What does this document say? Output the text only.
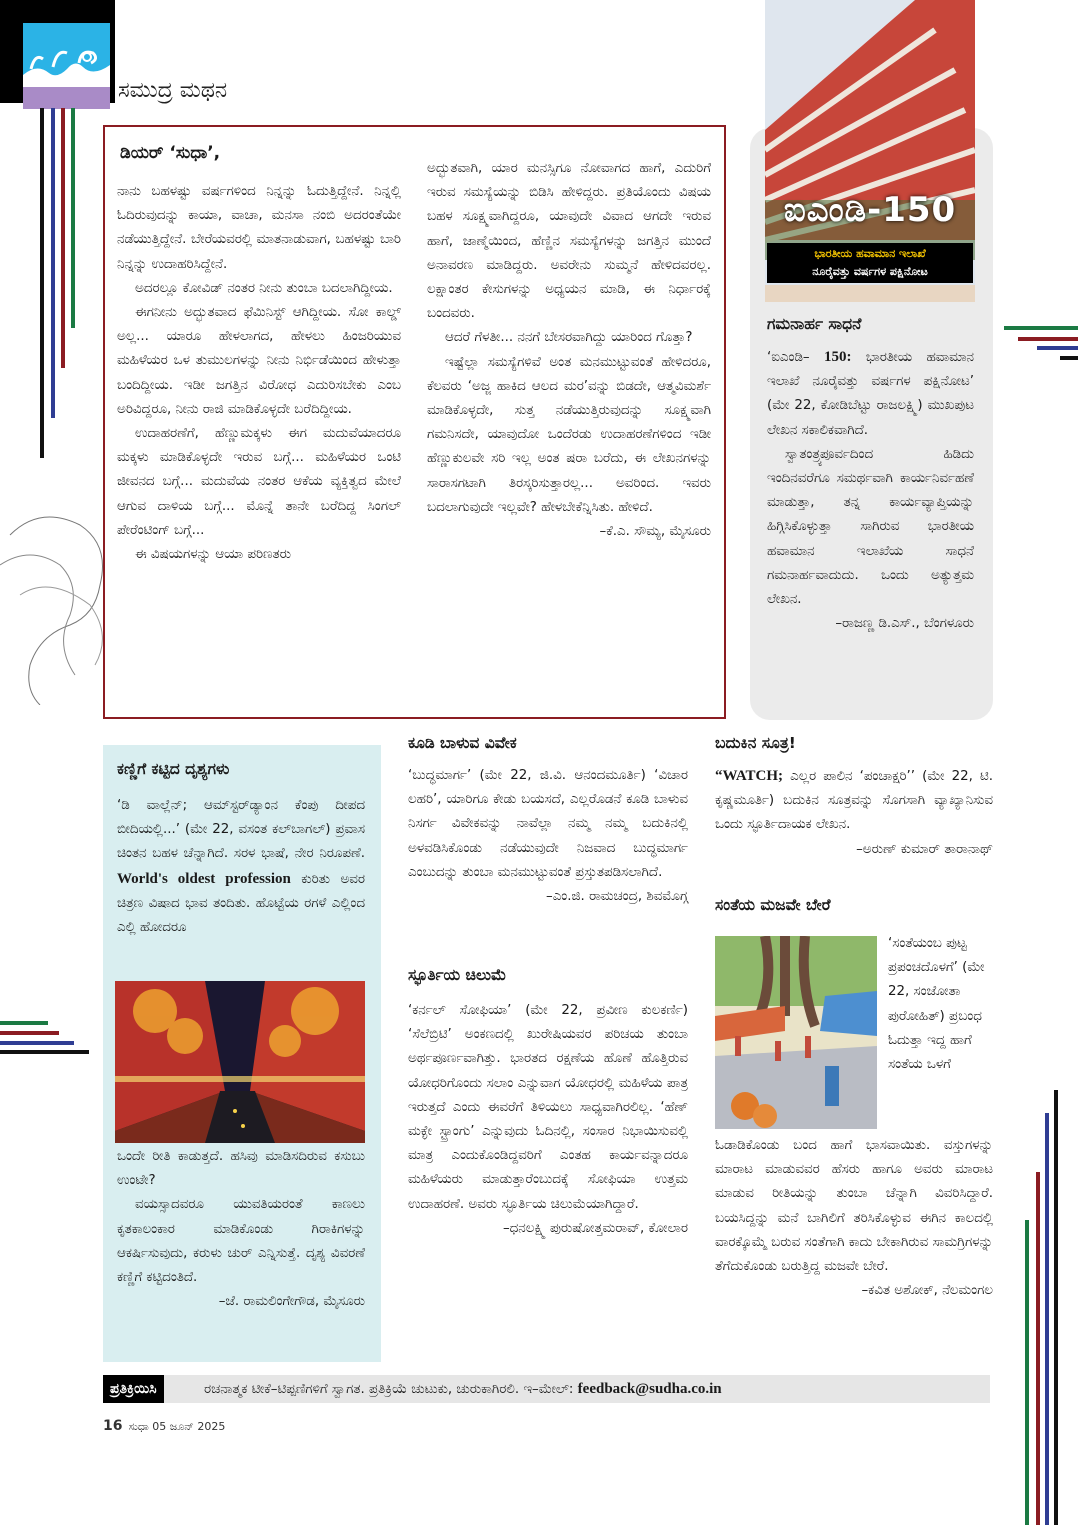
ಸಮುದ್ರ ಮಥನ
ಡಿಯರ್ ‘ಸುಧಾ’,

ನಾನು ಬಹಳಷ್ಟು ವರ್ಷಗಳಿಂದ ನಿನ್ನನ್ನು ಓದುತ್ತಿದ್ದೇನೆ. ನಿನ್ನಲ್ಲಿ ಓದಿರುವುದನ್ನು ಕಾಯಾ, ವಾಚಾ, ಮನಸಾ ನಂಬಿ ಅದರಂತೆಯೇ ನಡೆಯುತ್ತಿದ್ದೇನೆ. ಬೇರೆಯವರಲ್ಲಿ ಮಾತನಾಡುವಾಗ, ಬಹಳಷ್ಟು ಬಾರಿ ನಿನ್ನನ್ನು ಉದಾಹರಿಸಿದ್ದೇನೆ.

ಅದರಲ್ಲೂ ಕೋವಿಡ್ ನಂತರ ನೀನು ತುಂಬಾ ಬದಲಾಗಿದ್ದೀಯ.

ಈಗನೀನು ಅದ್ಭುತವಾದ ಫೆಮಿನಿಸ್ಟ್ ಆಗಿದ್ದೀಯ. ಸೋ ಕಾಲ್ಡ್ ಅಲ್ಲ... ಯಾರೂ ಹೇಳಲಾಗದ, ಹೇಳಲು ಹಿಂಜರಿಯುವ ಮಹಿಳೆಯರ ಒಳ ತುಮುಲಗಳನ್ನು ನೀನು ನಿರ್ಭಿಡೆಯಿಂದ ಹೇಳುತ್ತಾ ಬಂದಿದ್ದೀಯ. ಇಡೀ ಜಗತ್ತಿನ ವಿರೋಧ ಎದುರಿಸಬೇಕು ಎಂಬ ಅರಿವಿದ್ದರೂ, ನೀನು ರಾಜಿ ಮಾಡಿಕೊಳ್ಳದೇ ಬರೆದಿದ್ದೀಯ.

ಉದಾಹರಣೆಗೆ, ಹೆಣ್ಣುಮಕ್ಕಳು ಈಗ ಮದುವೆಯಾದರೂ ಮಕ್ಕಳು ಮಾಡಿಕೊಳ್ಳದೇ ಇರುವ ಬಗ್ಗೆ... ಮಹಿಳೆಯರ ಒಂಟಿ ಜೀವನದ ಬಗ್ಗೆ... ಮದುವೆಯ ನಂತರ ಆಕೆಯ ವ್ಯಕ್ತಿತ್ವದ ಮೇಲೆ ಆಗುವ ದಾಳಿಯ ಬಗ್ಗೆ... ಮೊನ್ನೆ ತಾನೇ ಬರೆದಿದ್ದ ಸಿಂಗಲ್ ಪೇರೆಂಟಿಂಗ್ ಬಗ್ಗೆ...

ಈ ವಿಷಯಗಳನ್ನು ಆಯಾ ಪರಿಣತರು

ಅದ್ಭುತವಾಗಿ, ಯಾರ ಮನಸ್ಸಿಗೂ ನೋವಾಗದ ಹಾಗೆ, ಎದುರಿಗೆ ಇರುವ ಸಮಸ್ಯೆಯನ್ನು ಬಿಡಿಸಿ ಹೇಳಿದ್ದರು. ಪ್ರತಿಯೊಂದು ವಿಷಯ ಬಹಳ ಸೂಕ್ಷ್ಮವಾಗಿದ್ದರೂ, ಯಾವುದೇ ವಿವಾದ ಆಗದೇ ಇರುವ ಹಾಗೆ, ಜಾಣ್ಮೆಯಿಂದ, ಹೆಣ್ಣಿನ ಸಮಸ್ಯೆಗಳನ್ನು ಜಗತ್ತಿನ ಮುಂದೆ ಅನಾವರಣ ಮಾಡಿದ್ದರು. ಅವರೇನು ಸುಮ್ಮನೆ ಹೇಳಿದವರಲ್ಲ. ಲಕ್ಷಾಂತರ ಕೇಸುಗಳನ್ನು ಅಧ್ಯಯನ ಮಾಡಿ, ಈ ನಿರ್ಧಾರಕ್ಕೆ ಬಂದವರು.

ಆದರೆ ಗೆಳತೀ... ನನಗೆ ಬೇಸರವಾಗಿದ್ದು ಯಾರಿಂದ ಗೊತ್ತಾ?

ಇಷ್ಟೆಲ್ಲಾ ಸಮಸ್ಯೆಗಳಿವೆ ಅಂತ ಮನಮುಟ್ಟುವಂತೆ ಹೇಳಿದರೂ, ಕೆಲವರು ‘ಅಜ್ಜ ಹಾಕಿದ ಆಲದ ಮರ’ವನ್ನು ಬಿಡದೇ, ಆತ್ಮವಿಮರ್ಶೆ ಮಾಡಿಕೊಳ್ಳದೇ, ಸುತ್ತ ನಡೆಯುತ್ತಿರುವುದನ್ನು ಸೂಕ್ಷ್ಮವಾಗಿ ಗಮನಿಸದೇ, ಯಾವುದೋ ಒಂದೆರಡು ಉದಾಹರಣೆಗಳಿಂದ ಇಡೀ ಹೆಣ್ಣುಕುಲವೇ ಸರಿ ಇಲ್ಲ ಅಂತ ಷರಾ ಬರೆದು, ಈ ಲೇಖನಗಳನ್ನು ಸಾರಾಸಗಟಾಗಿ ತಿರಸ್ಕರಿಸುತ್ತಾರಲ್ಲ... ಅವರಿಂದ. ಇವರು ಬದಲಾಗುವುದೇ ಇಲ್ಲವೇ? ಹೇಳಬೇಕೆನ್ನಿಸಿತು. ಹೇಳಿದೆ.

–ಕೆ.ಎ. ಸೌಮ್ಯ, ಮೈಸೂರು

ಐಎಂಡಿ-150
ಭಾರತೀಯ ಹವಾಮಾನ ಇಲಾಖೆ
ನೂರೈವತ್ತು ವರ್ಷಗಳ ಪಕ್ಷಿನೋಟ
ಗಮನಾರ್ಹ ಸಾಧನೆ

‘ಐಎಂಡಿ– 150: ಭಾರತೀಯ ಹವಾಮಾನ ಇಲಾಖೆ ನೂರೈವತ್ತು ವರ್ಷಗಳ ಪಕ್ಷಿನೋಟ’ (ಮೇ 22, ಕೋಡಿಬೆಟ್ಟು ರಾಜಲಕ್ಷ್ಮಿ) ಮುಖಪುಟ ಲೇಖನ ಸಕಾಲಿಕವಾಗಿದೆ.

ಸ್ವಾತಂತ್ರ್ಯಪೂರ್ವದಿಂದ ಹಿಡಿದು ಇಂದಿನವರೆಗೂ ಸಮರ್ಥವಾಗಿ ಕಾರ್ಯನಿರ್ವಹಣೆ ಮಾಡುತ್ತಾ, ತನ್ನ ಕಾರ್ಯವ್ಯಾಪ್ತಿಯನ್ನು ಹಿಗ್ಗಿಸಿಕೊಳ್ಳುತ್ತಾ ಸಾಗಿರುವ ಭಾರತೀಯ ಹವಾಮಾನ ಇಲಾಖೆಯ ಸಾಧನೆ ಗಮನಾರ್ಹವಾದುದು. ಒಂದು ಅತ್ಯುತ್ತಮ ಲೇಖನ.

–ರಾಜಣ್ಣ ಡಿ.ಎಸ್., ಬೆಂಗಳೂರು

ಕಣ್ಣಿಗೆ ಕಟ್ಟಿದ ದೃಶ್ಯಗಳು

‘ಡಿ ವಾಲ್ಲೆನ್; ಆಮ್‌ಸ್ಟರ್‌ಡ್ಯಾಂನ ಕೆಂಪು ದೀಪದ ಬೀದಿಯಲ್ಲಿ...’ (ಮೇ 22, ವಸಂತ ಕಲ್‌ಬಾಗಲ್) ಪ್ರವಾಸ ಚಿಂತನ ಬಹಳ ಚೆನ್ನಾಗಿದೆ. ಸರಳ ಭಾಷೆ, ನೇರ ನಿರೂಪಣೆ. World's oldest profession ಕುರಿತು ಅವರ ಚಿತ್ರಣ ವಿಷಾದ ಭಾವ ತಂದಿತು. ಹೊಟ್ಟೆಯ ರಗಳೆ ಎಲ್ಲಿಂದ ಎಲ್ಲಿ ಹೋದರೂ

ಒಂದೇ ರೀತಿ ಕಾಡುತ್ತದೆ. ಹಸಿವು ಮಾಡಿಸದಿರುವ ಕಸುಬು ಉಂಟೇ?

ವಯಸ್ಸಾದವರೂ ಯುವತಿಯರಂತೆ ಕಾಣಲು ಕೃತಕಾಲಂಕಾರ ಮಾಡಿಕೊಂಡು ಗಿರಾಕಿಗಳನ್ನು ಆಕರ್ಷಿಸುವುದು, ಕರುಳು ಚುರ್ ಎನ್ನಿಸುತ್ತೆ. ದೃಶ್ಯ ವಿವರಣೆ ಕಣ್ಣಿಗೆ ಕಟ್ಟಿದಂತಿದೆ.

–ಜೆ. ರಾಮಲಿಂಗೇಗೌಡ, ಮೈಸೂರು

ಕೂಡಿ ಬಾಳುವ ವಿವೇಕ

‘ಬುದ್ಧಮಾರ್ಗ’ (ಮೇ 22, ಜಿ.ವಿ. ಆನಂದಮೂರ್ತಿ) ‘ವಿಚಾರ ಲಹರಿ’, ಯಾರಿಗೂ ಕೇಡು ಬಯಸದೆ, ಎಲ್ಲರೊಡನೆ ಕೂಡಿ ಬಾಳುವ ನಿಸರ್ಗ ವಿವೇಕವನ್ನು ನಾವೆಲ್ಲಾ ನಮ್ಮ ನಮ್ಮ ಬದುಕಿನಲ್ಲಿ ಅಳವಡಿಸಿಕೊಂಡು ನಡೆಯುವುದೇ ನಿಜವಾದ ಬುದ್ಧಮಾರ್ಗ ಎಂಬುದನ್ನು ತುಂಬಾ ಮನಮುಟ್ಟುವಂತೆ ಪ್ರಸ್ತುತಪಡಿಸಲಾಗಿದೆ.

–ಎಂ.ಜಿ. ರಾಮಚಂದ್ರ, ಶಿವಮೊಗ್ಗ

ಸ್ಫೂರ್ತಿಯ ಚಿಲುಮೆ

‘ಕರ್ನಲ್ ಸೋಫಿಯಾ’ (ಮೇ 22, ಪ್ರವೀಣ ಕುಲಕರ್ಣಿ) ‘ಸೆಲೆಬ್ರಿಟಿ’ ಅಂಕಣದಲ್ಲಿ ಖುರೇಷಿಯವರ ಪರಿಚಯ ತುಂಬಾ ಅರ್ಥಪೂರ್ಣವಾಗಿತ್ತು. ಭಾರತದ ರಕ್ಷಣೆಯ ಹೊಣೆ ಹೊತ್ತಿರುವ ಯೋಧರಿಗೊಂದು ಸಲಾಂ ಎನ್ನುವಾಗ ಯೋಧರಲ್ಲಿ ಮಹಿಳೆಯ ಪಾತ್ರ ಇರುತ್ತದೆ ಎಂದು ಈವರೆಗೆ ತಿಳಿಯಲು ಸಾಧ್ಯವಾಗಿರಲಿಲ್ಲ. ‘ಹೆಣ್ ಮಕ್ಳೇ ಸ್ಟ್ರಾಂಗು’ ಎನ್ನುವುದು ಓದಿನಲ್ಲಿ, ಸಂಸಾರ ನಿಭಾಯಿಸುವಲ್ಲಿ ಮಾತ್ರ ಎಂದುಕೊಂಡಿದ್ದವರಿಗೆ ಎಂತಹ ಕಾರ್ಯವನ್ನಾದರೂ ಮಹಿಳೆಯರು ಮಾಡುತ್ತಾರೆಂಬುದಕ್ಕೆ ಸೋಫಿಯಾ ಉತ್ತಮ ಉದಾಹರಣೆ. ಅವರು ಸ್ಫೂರ್ತಿಯ ಚಿಲುಮೆಯಾಗಿದ್ದಾರೆ.

–ಧನಲಕ್ಷ್ಮಿ ಪುರುಷೋತ್ತಮರಾವ್, ಕೋಲಾರ

ಬದುಕಿನ ಸೂತ್ರ!

“WATCH; ಎಲ್ಲರ ಪಾಲಿನ ‘ಪಂಚಾಕ್ಷರಿ’’ (ಮೇ 22, ಟಿ. ಕೃಷ್ಣಮೂರ್ತಿ) ಬದುಕಿನ ಸೂತ್ರವನ್ನು ಸೊಗಸಾಗಿ ವ್ಯಾಖ್ಯಾನಿಸುವ ಒಂದು ಸ್ಫೂರ್ತಿದಾಯಕ ಲೇಖನ.

–ಅರುಣ್ ಕುಮಾರ್ ತಾರಾನಾಥ್

ಸಂತೆಯ ಮಜವೇ ಬೇರೆ

‘ಸಂತೆಯಂಬ ಪುಟ್ಟ ಪ್ರಪಂಚದೊಳಗೆ’ (ಮೇ 22, ಸಂಜೋತಾ ಪುರೋಹಿತ್) ಪ್ರಬಂಧ ಓದುತ್ತಾ ಇದ್ದ ಹಾಗೆ ಸಂತೆಯ ಒಳಗೆ

ಓಡಾಡಿಕೊಂಡು ಬಂದ ಹಾಗೆ ಭಾಸವಾಯಿತು. ವಸ್ತುಗಳನ್ನು ಮಾರಾಟ ಮಾಡುವವರ ಹೆಸರು ಹಾಗೂ ಅವರು ಮಾರಾಟ ಮಾಡುವ ರೀತಿಯನ್ನು ತುಂಬಾ ಚೆನ್ನಾಗಿ ವಿವರಿಸಿದ್ದಾರೆ. ಬಯಸಿದ್ದನ್ನು ಮನೆ ಬಾಗಿಲಿಗೆ ತರಿಸಿಕೊಳ್ಳುವ ಈಗಿನ ಕಾಲದಲ್ಲಿ ವಾರಕ್ಕೊಮ್ಮೆ ಬರುವ ಸಂತೆಗಾಗಿ ಕಾದು ಬೇಕಾಗಿರುವ ಸಾಮಗ್ರಿಗಳನ್ನು ತೆಗೆದುಕೊಂಡು ಬರುತ್ತಿದ್ದ ಮಜವೇ ಬೇರೆ.

–ಕವಿತ ಅಶೋಕ್, ನೆಲಮಂಗಲ

ಪ್ರತಿಕ್ರಿಯಿಸಿ	ರಚನಾತ್ಮಕ ಟೀಕೆ–ಟಿಪ್ಪಣಿಗಳಿಗೆ ಸ್ವಾಗತ. ಪ್ರತಿಕ್ರಿಯೆ ಚುಟುಕು, ಚುರುಕಾಗಿರಲಿ. ಇ–ಮೇಲ್: feedback@sudha.co.in
16 ಸುಧಾ 05 ಜೂನ್ 2025
